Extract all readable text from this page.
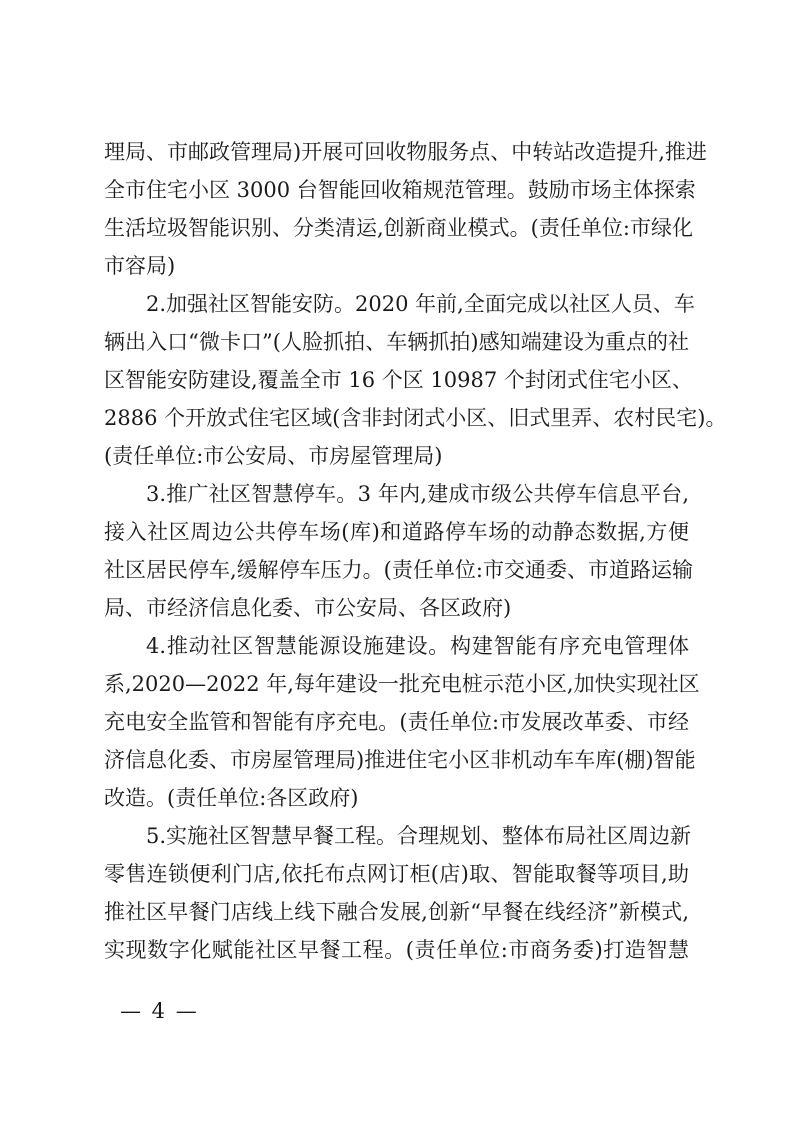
理局、市邮政管理局)开展可回收物服务点、中转站改造提升,推进
全市住宅小区 3000 台智能回收箱规范管理。鼓励市场主体探索
生活垃圾智能识别、分类清运,创新商业模式。(责任单位:市绿化
市容局)
2.加强社区智能安防。2020 年前,全面完成以社区人员、车
辆出入口“微卡口”(人脸抓拍、车辆抓拍)感知端建设为重点的社
区智能安防建设,覆盖全市 16 个区 10987 个封闭式住宅小区、
2886 个开放式住宅区域(含非封闭式小区、旧式里弄、农村民宅)。
(责任单位:市公安局、市房屋管理局)
3.推广社区智慧停车。3 年内,建成市级公共停车信息平台,
接入社区周边公共停车场(库)和道路停车场的动静态数据,方便
社区居民停车,缓解停车压力。(责任单位:市交通委、市道路运输
局、市经济信息化委、市公安局、各区政府)
4.推动社区智慧能源设施建设。构建智能有序充电管理体
系,2020—2022 年,每年建设一批充电桩示范小区,加快实现社区
充电安全监管和智能有序充电。(责任单位:市发展改革委、市经
济信息化委、市房屋管理局)推进住宅小区非机动车车库(棚)智能
改造。(责任单位:各区政府)
5.实施社区智慧早餐工程。合理规划、整体布局社区周边新
零售连锁便利门店,依托布点网订柜(店)取、智能取餐等项目,助
推社区早餐门店线上线下融合发展,创新“早餐在线经济”新模式,
实现数字化赋能社区早餐工程。(责任单位:市商务委)打造智慧
— 4 —
